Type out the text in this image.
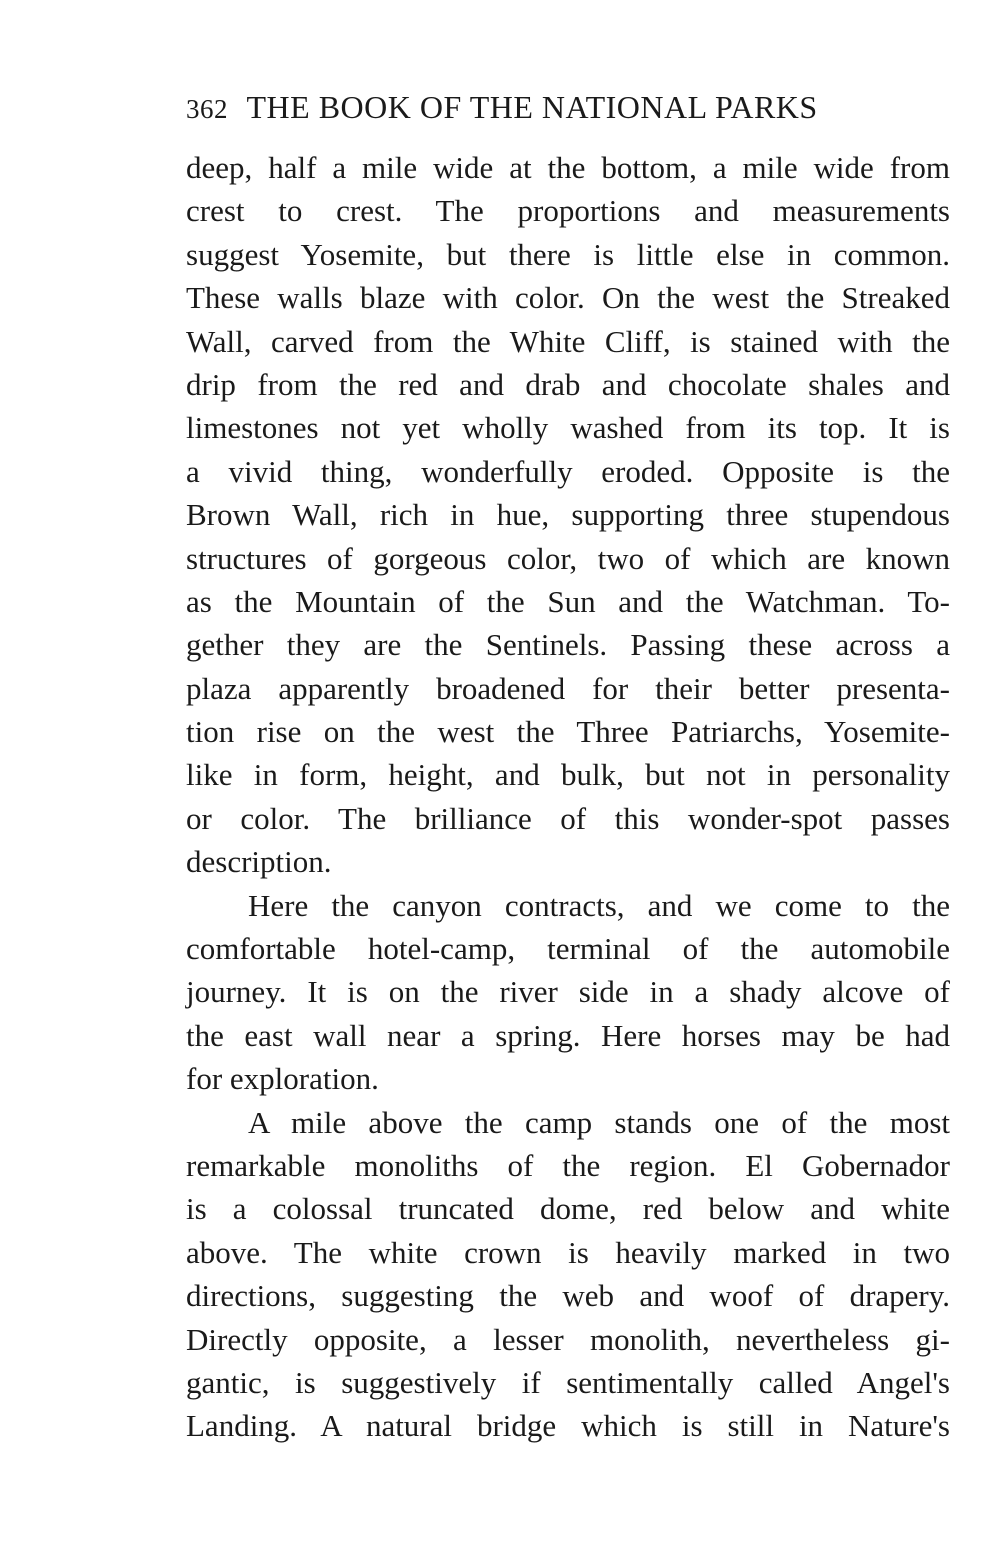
362 THE BOOK OF THE NATIONAL PARKS
deep, half a mile wide at the bottom, a mile wide from
crest to crest. The proportions and measurements
suggest Yosemite, but there is little else in common.
These walls blaze with color. On the west the Streaked
Wall, carved from the White Cliff, is stained with the
drip from the red and drab and chocolate shales and
limestones not yet wholly washed from its top. It is
a vivid thing, wonderfully eroded. Opposite is the
Brown Wall, rich in hue, supporting three stupendous
structures of gorgeous color, two of which are known
as the Mountain of the Sun and the Watchman. To-
gether they are the Sentinels. Passing these across a
plaza apparently broadened for their better presenta-
tion rise on the west the Three Patriarchs, Yosemite-
like in form, height, and bulk, but not in personality
or color. The brilliance of this wonder-spot passes
description.
Here the canyon contracts, and we come to the
comfortable hotel-camp, terminal of the automobile
journey. It is on the river side in a shady alcove of
the east wall near a spring. Here horses may be had
for exploration.
A mile above the camp stands one of the most
remarkable monoliths of the region. El Gobernador
is a colossal truncated dome, red below and white
above. The white crown is heavily marked in two
directions, suggesting the web and woof of drapery.
Directly opposite, a lesser monolith, nevertheless gi-
gantic, is suggestively if sentimentally called Angel's
Landing. A natural bridge which is still in Nature's
